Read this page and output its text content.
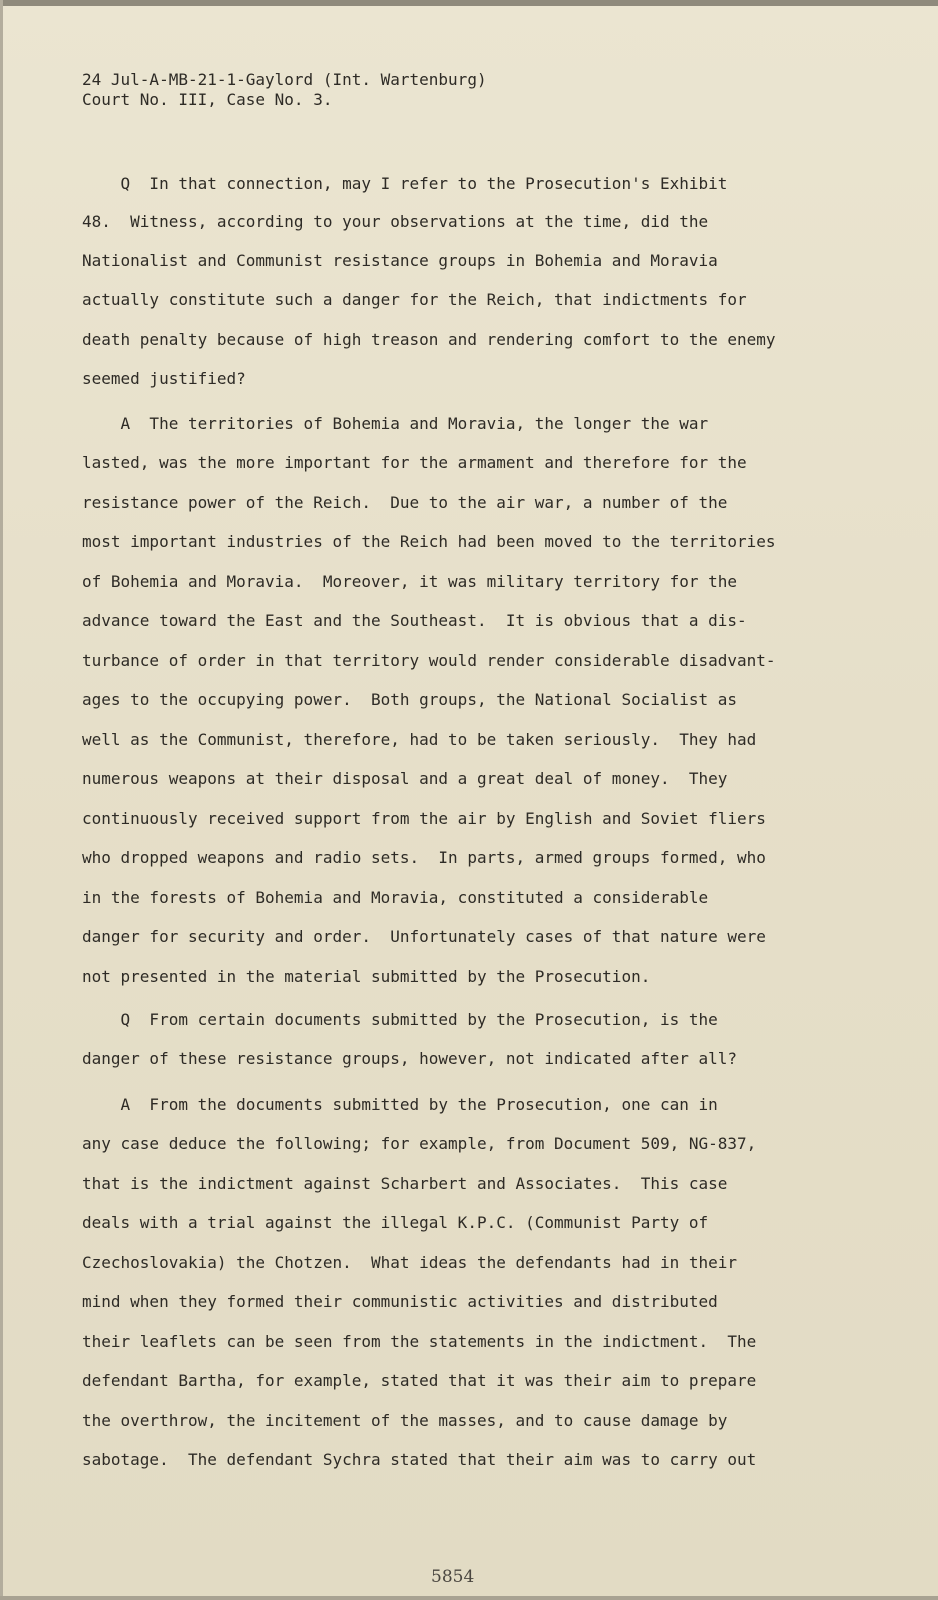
24 Jul-A-MB-21-1-Gaylord (Int. Wartenburg)
Court No. III, Case No. 3.
Q  In that connection, may I refer to the Prosecution's Exhibit
48.  Witness, according to your observations at the time, did the
Nationalist and Communist resistance groups in Bohemia and Moravia
actually constitute such a danger for the Reich, that indictments for
death penalty because of high treason and rendering comfort to the enemy
seemed justified?
A  The territories of Bohemia and Moravia, the longer the war
lasted, was the more important for the armament and therefore for the
resistance power of the Reich.  Due to the air war, a number of the
most important industries of the Reich had been moved to the territories
of Bohemia and Moravia.  Moreover, it was military territory for the
advance toward the East and the Southeast.  It is obvious that a dis-
turbance of order in that territory would render considerable disadvant-
ages to the occupying power.  Both groups, the National Socialist as
well as the Communist, therefore, had to be taken seriously.  They had
numerous weapons at their disposal and a great deal of money.  They
continuously received support from the air by English and Soviet fliers
who dropped weapons and radio sets.  In parts, armed groups formed, who
in the forests of Bohemia and Moravia, constituted a considerable
danger for security and order.  Unfortunately cases of that nature were
not presented in the material submitted by the Prosecution.
Q  From certain documents submitted by the Prosecution, is the
danger of these resistance groups, however, not indicated after all?
A  From the documents submitted by the Prosecution, one can in
any case deduce the following; for example, from Document 509, NG-837,
that is the indictment against Scharbert and Associates.  This case
deals with a trial against the illegal K.P.C. (Communist Party of
Czechoslovakia) the Chotzen.  What ideas the defendants had in their
mind when they formed their communistic activities and distributed
their leaflets can be seen from the statements in the indictment.  The
defendant Bartha, for example, stated that it was their aim to prepare
the overthrow, the incitement of the masses, and to cause damage by
sabotage.  The defendant Sychra stated that their aim was to carry out
5854
